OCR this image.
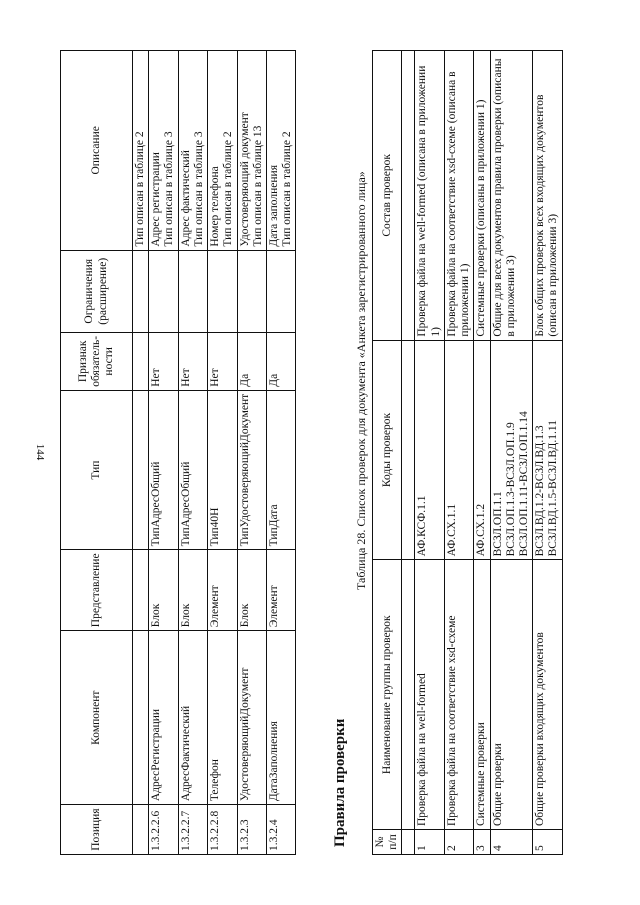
144
Позиция	Компонент	Представление	Тип	Признак обязатель-ности	Ограничения (расширение)	Описание
						Тип описан в таблице 2
1.3.2.2.6	АдресРегистрации	Блок	ТипАдресОбщий	Нет		Адрес регистрации
Тип описан в таблице 3
1.3.2.2.7	АдресФактический	Блок	ТипАдресОбщий	Нет		Адрес фактический
Тип описан в таблице 3
1.3.2.2.8	Телефон	Элемент	Тип40Н	Нет		Номер телефона
Тип описан в таблице 2
1.3.2.3	УдостоверяющийДокумент	Блок	ТипУдостоверяющийДокумент	Да		Удостоверяющий документ
Тип описан в таблице 13
1.3.2.4	ДатаЗаполнения	Элемент	ТипДата	Да		Дата заполнения
Тип описан в таблице 2
Правила проверки

Таблица 28. Список проверок для документа «Анкета зарегистрированного лица»

№ п/п	Наименование группы проверок	Коды проверок	Состав проверок

1	Проверка файла на well-formed	АФ.КСФ.1.1	Проверка файла на well-formed (описана в приложении 1)
2	Проверка файла на соответствие xsd-схеме	АФ.СХ.1.1	Проверка файла на соответствие xsd-схеме (описана в приложении 1)
3	Системные проверки	АФ.СХ.1.2	Системные проверки (описаны в приложении 1)
4	Общие проверки	ВСЗЛ.ОП.1.1
ВСЗЛ.ОП.1.3-ВСЗЛ.ОП.1.9
ВСЗЛ.ОП.1.11-ВСЗЛ.ОП.1.14	Общие для всех документов правила проверки (описаны в приложении 3)
5	Общие проверки входящих документов	ВСЗЛ.ВД.1.2-ВСЗЛ.ВД.1.3
ВСЗЛ.ВД.1.5-ВСЗЛ.ВД.1.11	Блок общих проверок всех входящих документов (описан в приложении 3)
